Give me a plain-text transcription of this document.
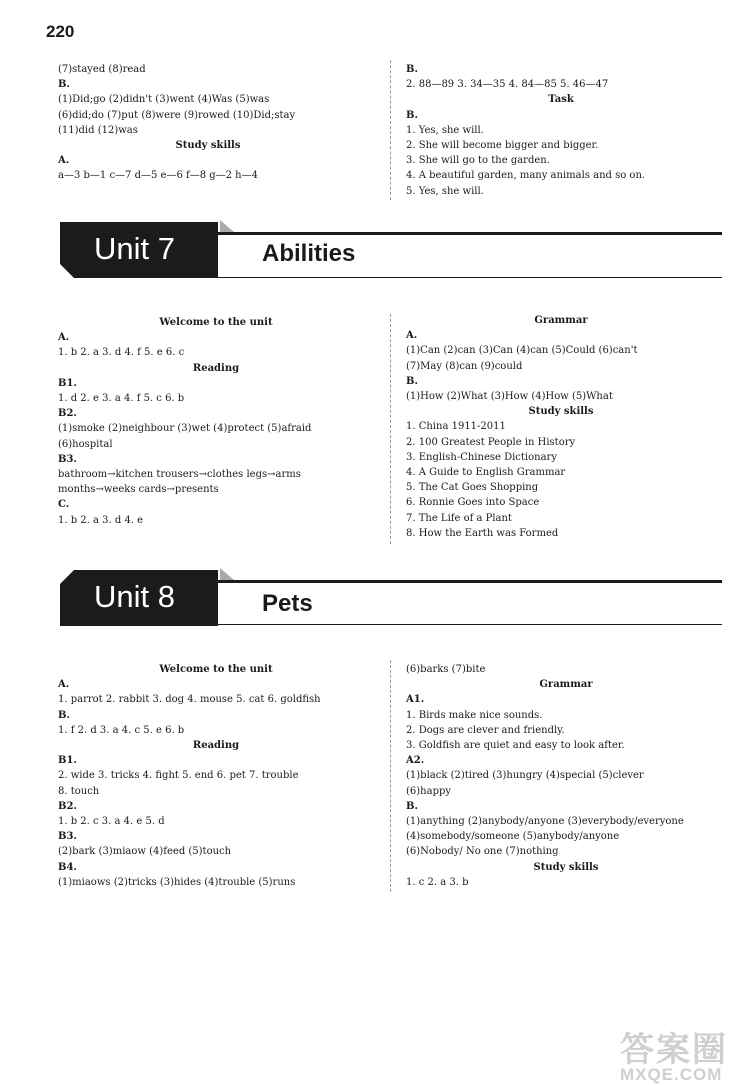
220
(7)stayed (8)read
B.
(1)Did;go (2)didn't (3)went (4)Was (5)was
(6)did;do (7)put (8)were (9)rowed (10)Did;stay
(11)did (12)was
Study skills
A.
a—3 b—1 c—7 d—5 e—6 f—8 g—2 h—4
B.
2. 88—89 3. 34—35 4. 84—85 5. 46—47
Task
B.
1. Yes, she will.
2. She will become bigger and bigger.
3. She will go to the garden.
4. A beautiful garden, many animals and so on.
5. Yes, she will.
Unit 7	Abilities
Welcome to the unit
A.
1. b 2. a 3. d 4. f 5. e 6. c
Reading
B1.
1. d 2. e 3. a 4. f 5. c 6. b
B2.
(1)smoke (2)neighbour (3)wet (4)protect (5)afraid
(6)hospital
B3.
bathroom→kitchen trousers→clothes legs→arms
months→weeks cards→presents
C.
1. b 2. a 3. d 4. e
Grammar
A.
(1)Can (2)can (3)Can (4)can (5)Could (6)can't
(7)May (8)can (9)could
B.
(1)How (2)What (3)How (4)How (5)What
Study skills
1. China 1911-2011
2. 100 Greatest People in History
3. English-Chinese Dictionary
4. A Guide to English Grammar
5. The Cat Goes Shopping
6. Ronnie Goes into Space
7. The Life of a Plant
8. How the Earth was Formed
Unit 8	Pets
Welcome to the unit
A.
1. parrot 2. rabbit 3. dog 4. mouse 5. cat 6. goldfish
B.
1. f 2. d 3. a 4. c 5. e 6. b
Reading
B1.
2. wide 3. tricks 4. fight 5. end 6. pet 7. trouble
8. touch
B2.
1. b 2. c 3. a 4. e 5. d
B3.
(2)bark (3)miaow (4)feed (5)touch
B4.
(1)miaows (2)tricks (3)hides (4)trouble (5)runs
(6)barks (7)bite
Grammar
A1.
1. Birds make nice sounds.
2. Dogs are clever and friendly.
3. Goldfish are quiet and easy to look after.
A2.
(1)black (2)tired (3)hungry (4)special (5)clever
(6)happy
B.
(1)anything (2)anybody/anyone (3)everybody/everyone
(4)somebody/someone (5)anybody/anyone
(6)Nobody/ No one (7)nothing
Study skills
1. c 2. a 3. b
答案圈
MXQE.COM
